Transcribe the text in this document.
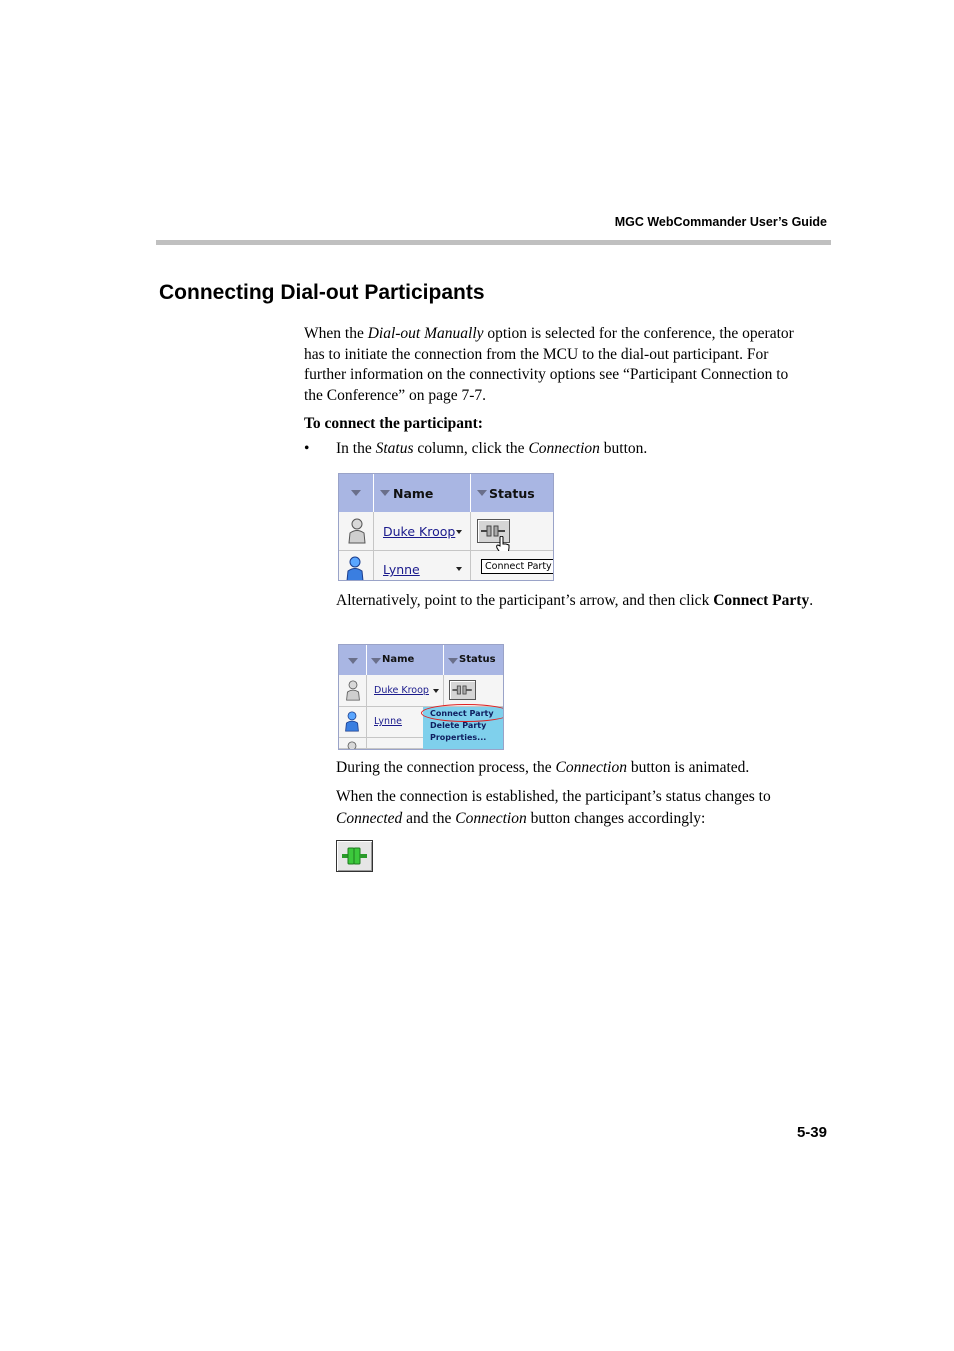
MGC WebCommander User’s Guide
Connecting Dial-out Participants

When the Dial-out Manually option is selected for the conference, the operator has to initiate the connection from the MCU to the dial-out participant. For further information on the connectivity options see “Participant Connection to the Conference” on page 7-7.

To connect the participant:
• In the Status column, click the Connection button.
Name	Status
Duke Kroop
Lynne	Connect Party

Alternatively, point to the participant’s arrow, and then click Connect Party.

Name	Status
Duke Kroop
Lynne
Connect Party
Delete Party
Properties...

During the connection process, the Connection button is animated.

When the connection is established, the participant’s status changes to Connected and the Connection button changes accordingly:

5-39
